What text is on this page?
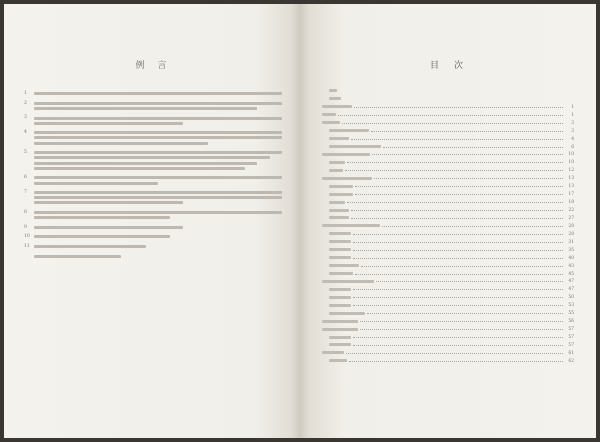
例　言
1
2
3
4
5
6
7
8
9
10
11
目　次
1
1
3
3
4
6
10
10
12
13
13
17
18
22
27
28
28
31
35
40
43
45
47
47
50
53
55
56
57
57
57
61
62
